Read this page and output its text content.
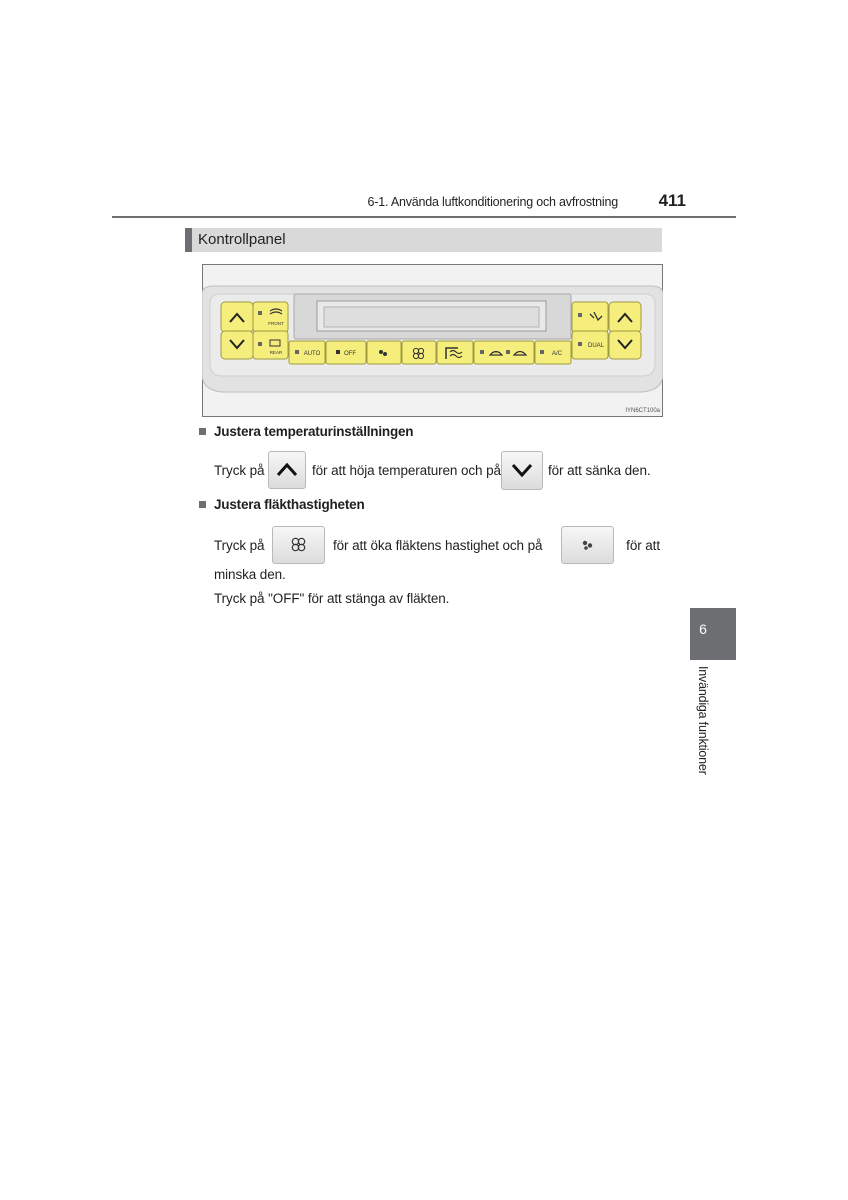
6-1. Använda luftkonditionering och avfrostning	411
Kontrollpanel
FRONT
REAR	AUTO	OFF	A/C
DUAL
IYN6CT100a
Justera temperaturinställningen
Tryck på	för att höja temperaturen och på	för att sänka den.
Justera fläkthastigheten
Tryck på	för att öka fläktens hastighet och på	för att
minska den.
Tryck på "OFF" för att stänga av fläkten.
6
Invändiga funktioner
